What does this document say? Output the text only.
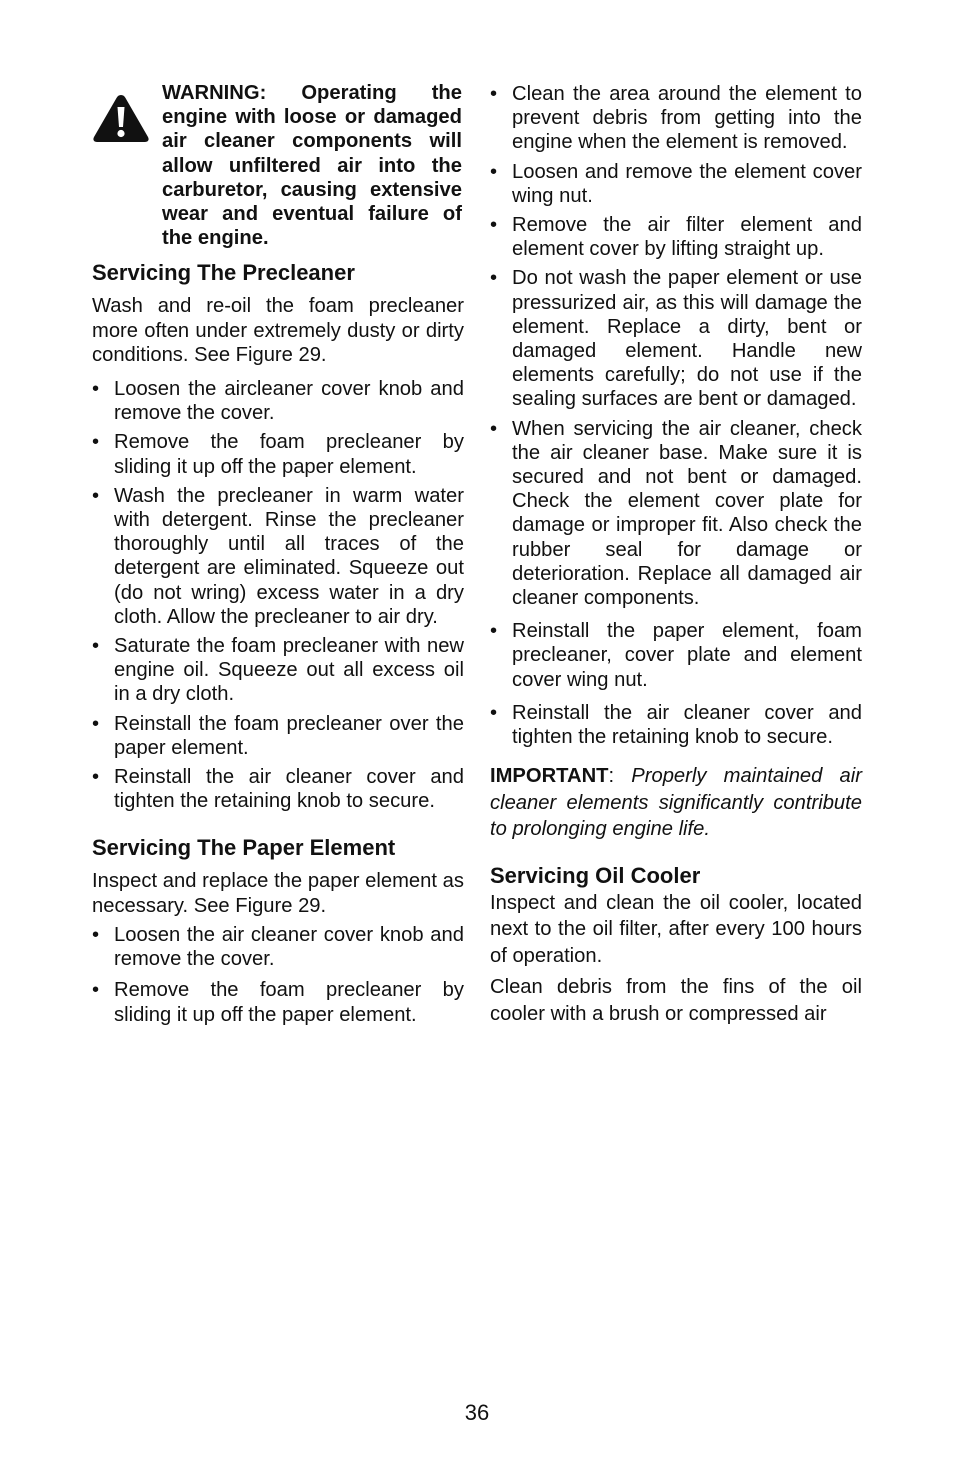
WARNING: Operating the engine with loose or damaged air cleaner components will allow unfiltered air into the carburetor, causing extensive wear and eventual failure of the engine.

Servicing The Precleaner

Wash and re-oil the foam precleaner more often under extremely dusty or dirty conditions. See Figure 29.

• Loosen the aircleaner cover knob and remove the cover.
• Remove the foam precleaner by sliding it up off the paper element.
• Wash the precleaner in warm water with detergent. Rinse the precleaner thoroughly until all traces of the detergent are eliminated. Squeeze out (do not wring) excess water in a dry cloth. Allow the precleaner to air dry.
• Saturate the foam precleaner with new engine oil. Squeeze out all excess oil in a dry cloth.
• Reinstall the foam precleaner over the paper element.
• Reinstall the air cleaner cover and tighten the retaining knob to secure.
Servicing The Paper Element

Inspect and replace the paper element as necessary. See Figure 29.

• Loosen the air cleaner cover knob and remove the cover.
• Remove the foam precleaner by sliding it up off the paper element.
• Clean the area around the element to prevent debris from getting into the engine when the element is removed.
• Loosen and remove the element cover wing nut.
• Remove the air filter element and element cover by lifting straight up.
• Do not wash the paper element or use pressurized air, as this will damage the element. Replace a dirty, bent or damaged element. Handle new elements carefully; do not use if the sealing surfaces are bent or damaged.
• When servicing the air cleaner, check the air cleaner base. Make sure it is secured and not bent or damaged. Check the element cover plate for damage or improper fit. Also check the rubber seal for damage or deterioration. Replace all damaged air cleaner components.
• Reinstall the paper element, foam precleaner, cover plate and element cover wing nut.
• Reinstall the air cleaner cover and tighten the retaining knob to secure.

IMPORTANT: Properly maintained air cleaner elements significantly contribute to prolonging engine life.

Servicing Oil Cooler

Inspect and clean the oil cooler, located next to the oil filter, after every 100 hours of operation.

Clean debris from the fins of the oil cooler with a brush or compressed air

36
